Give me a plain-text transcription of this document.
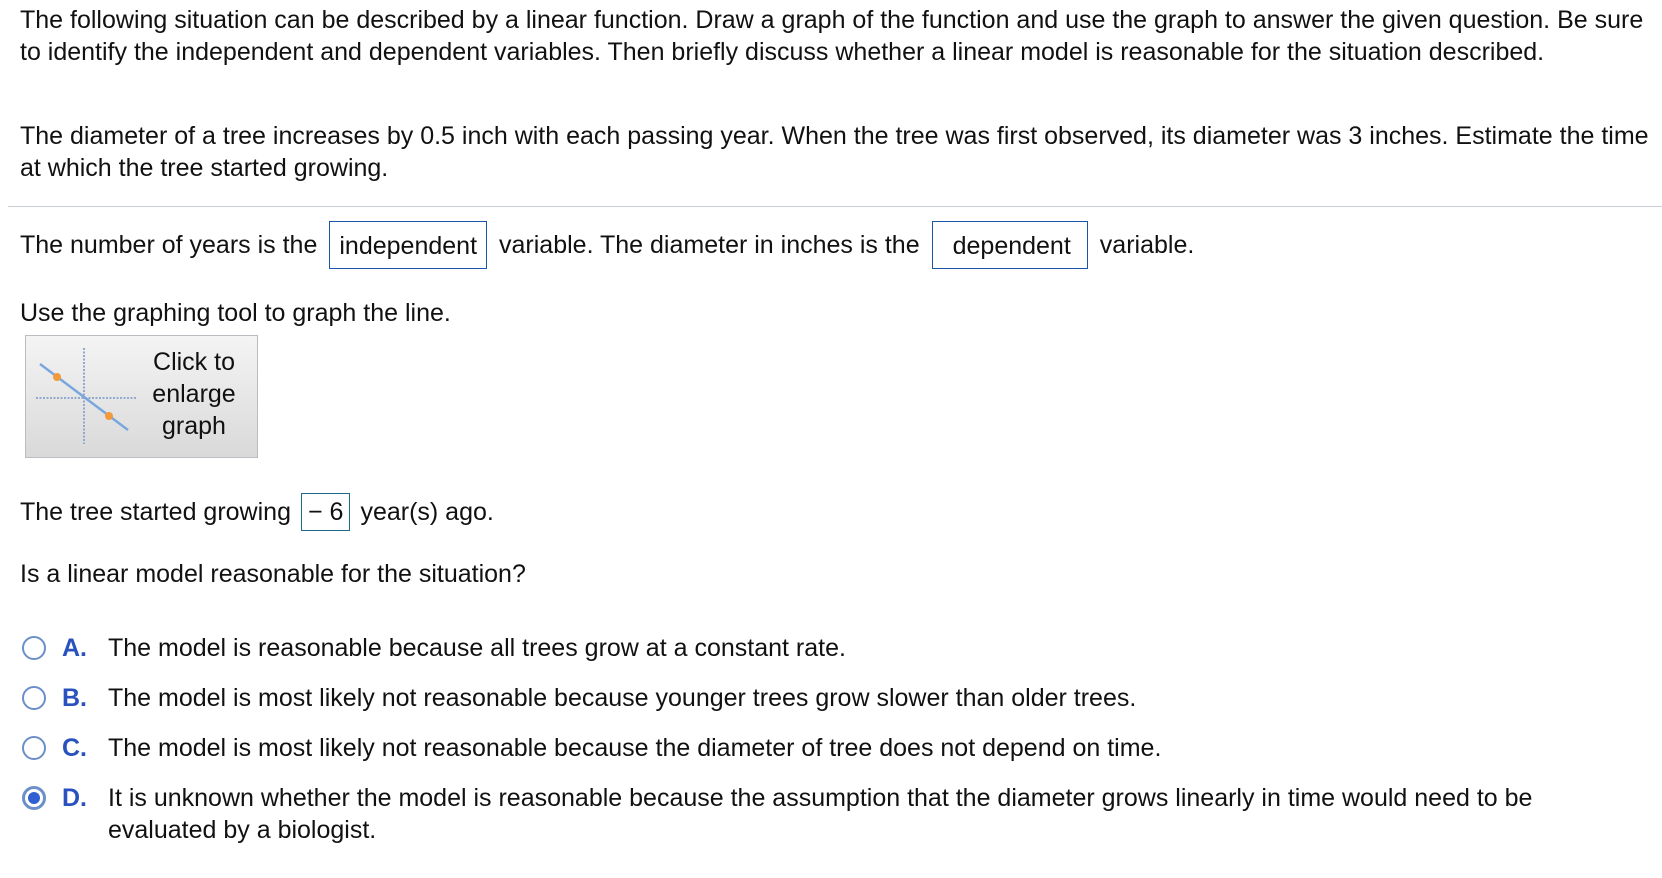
The following situation can be described by a linear function. Draw a graph of the function and use the graph to answer the given question. Be sure to identify the independent and dependent variables. Then briefly discuss whether a linear model is reasonable for the situation described.
The diameter of a tree increases by 0.5 inch with each passing year. When the tree was first observed, its diameter was 3 inches. Estimate the time at which the tree started growing.
The number of years is the independent variable. The diameter in inches is the	dependent	variable.
Use the graphing tool to graph the line.
Click to
enlarge
graph
The tree started growing − 6 year(s) ago.
Is a linear model reasonable for the situation?
A. The model is reasonable because all trees grow at a constant rate.
B. The model is most likely not reasonable because younger trees grow slower than older trees.
C. The model is most likely not reasonable because the diameter of tree does not depend on time.
D. It is unknown whether the model is reasonable because the assumption that the diameter grows linearly in time would need to be evaluated by a biologist.
